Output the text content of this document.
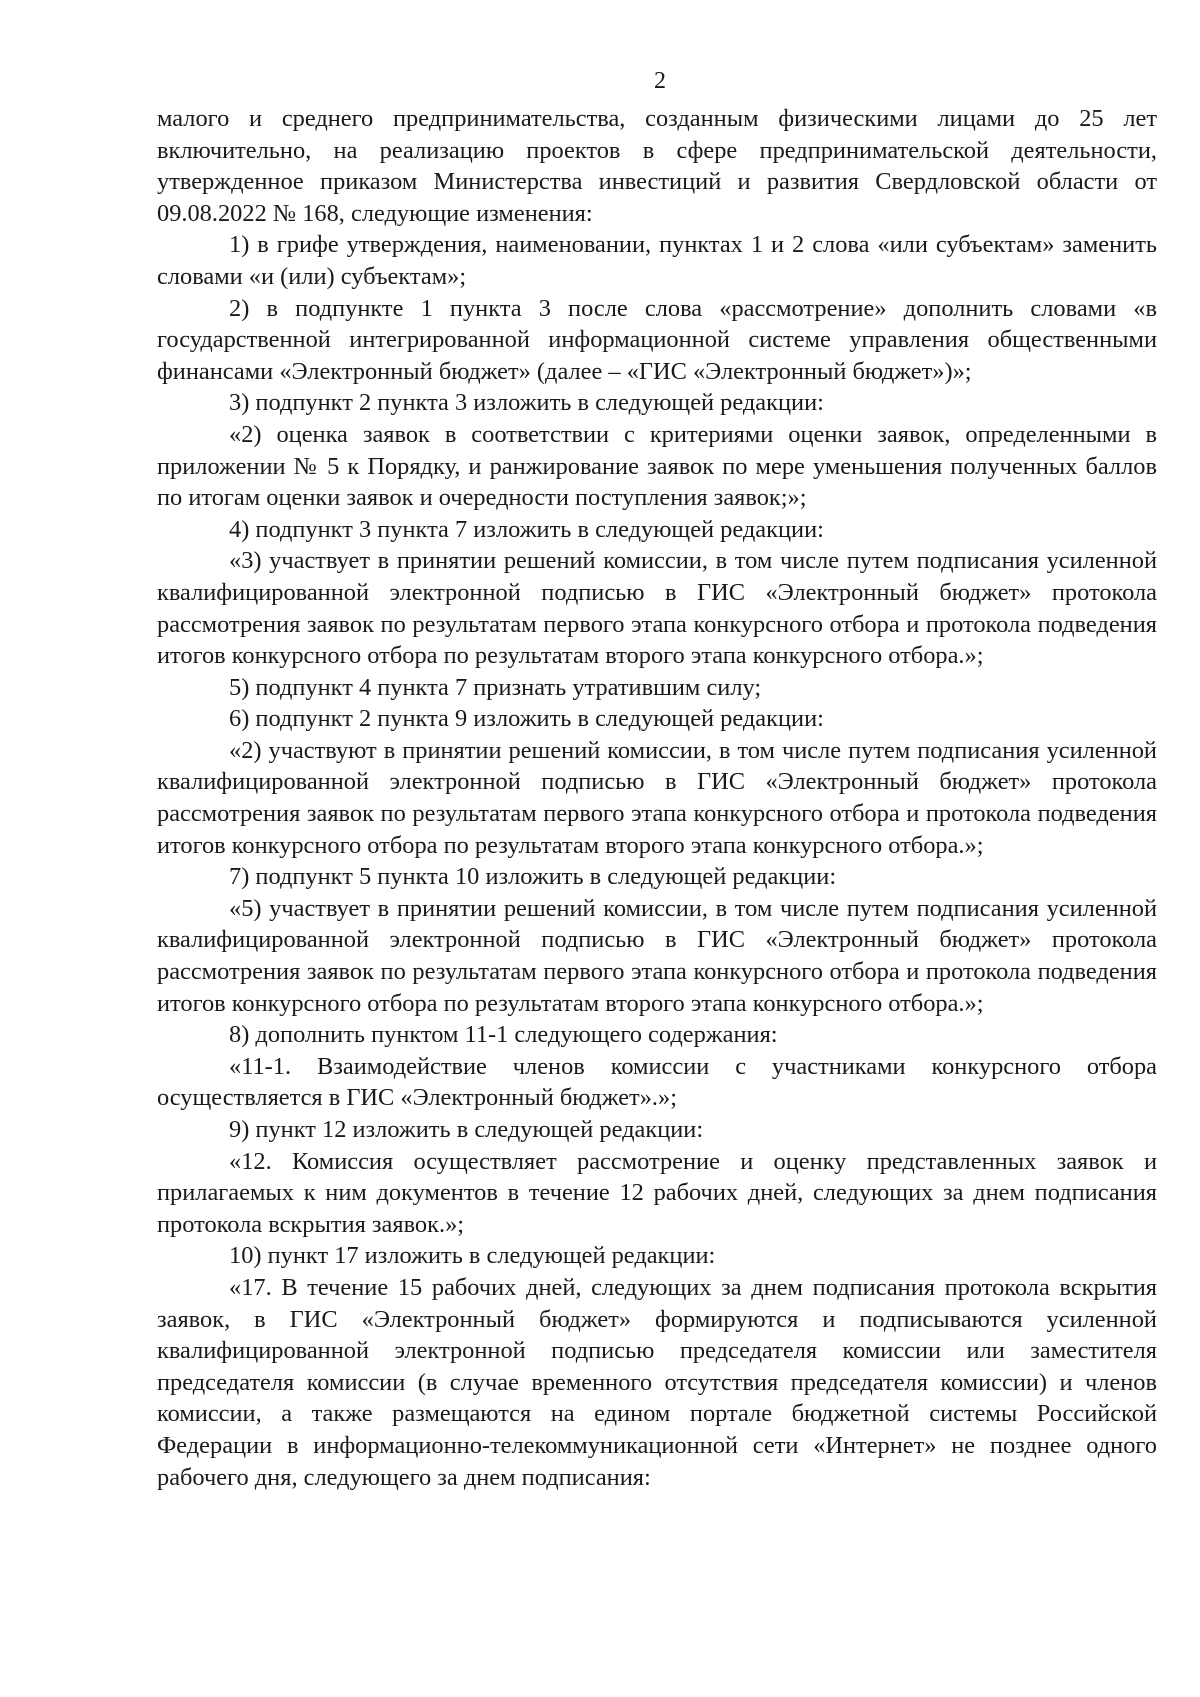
2

малого и среднего предпринимательства, созданным физическими лицами до 25 лет включительно, на реализацию проектов в сфере предпринимательской деятельности, утвержденное приказом Министерства инвестиций и развития Свердловской области от 09.08.2022 № 168, следующие изменения:

1) в грифе утверждения, наименовании, пунктах 1 и 2 слова «или субъектам» заменить словами «и (или) субъектам»;

2) в подпункте 1 пункта 3 после слова «рассмотрение» дополнить словами «в государственной интегрированной информационной системе управления общественными финансами «Электронный бюджет» (далее – «ГИС «Электронный бюджет»)»;

3) подпункт 2 пункта 3 изложить в следующей редакции:

«2) оценка заявок в соответствии с критериями оценки заявок, определенными в приложении № 5 к Порядку, и ранжирование заявок по мере уменьшения полученных баллов по итогам оценки заявок и очередности поступления заявок;»;

4) подпункт 3 пункта 7 изложить в следующей редакции:

«3) участвует в принятии решений комиссии, в том числе путем подписания усиленной квалифицированной электронной подписью в ГИС «Электронный бюджет» протокола рассмотрения заявок по результатам первого этапа конкурсного отбора и протокола подведения итогов конкурсного отбора по результатам второго этапа конкурсного отбора.»;

5) подпункт 4 пункта 7 признать утратившим силу;

6) подпункт 2 пункта 9 изложить в следующей редакции:

«2) участвуют в принятии решений комиссии, в том числе путем подписания усиленной квалифицированной электронной подписью в ГИС «Электронный бюджет» протокола рассмотрения заявок по результатам первого этапа конкурсного отбора и протокола подведения итогов конкурсного отбора по результатам второго этапа конкурсного отбора.»;

7) подпункт 5 пункта 10 изложить в следующей редакции:

«5) участвует в принятии решений комиссии, в том числе путем подписания усиленной квалифицированной электронной подписью в ГИС «Электронный бюджет» протокола рассмотрения заявок по результатам первого этапа конкурсного отбора и протокола подведения итогов конкурсного отбора по результатам второго этапа конкурсного отбора.»;

8) дополнить пунктом 11-1 следующего содержания:

«11-1. Взаимодействие членов комиссии с участниками конкурсного отбора осуществляется в ГИС «Электронный бюджет».»;

9) пункт 12 изложить в следующей редакции:

«12. Комиссия осуществляет рассмотрение и оценку представленных заявок и прилагаемых к ним документов в течение 12 рабочих дней, следующих за днем подписания протокола вскрытия заявок.»;

10) пункт 17 изложить в следующей редакции:

«17. В течение 15 рабочих дней, следующих за днем подписания протокола вскрытия заявок, в ГИС «Электронный бюджет» формируются и подписываются усиленной квалифицированной электронной подписью председателя комиссии или заместителя председателя комиссии (в случае временного отсутствия председателя комиссии) и членов комиссии, а также размещаются на едином портале бюджетной системы Российской Федерации в информационно-телекоммуникационной сети «Интернет» не позднее одного рабочего дня, следующего за днем подписания:
